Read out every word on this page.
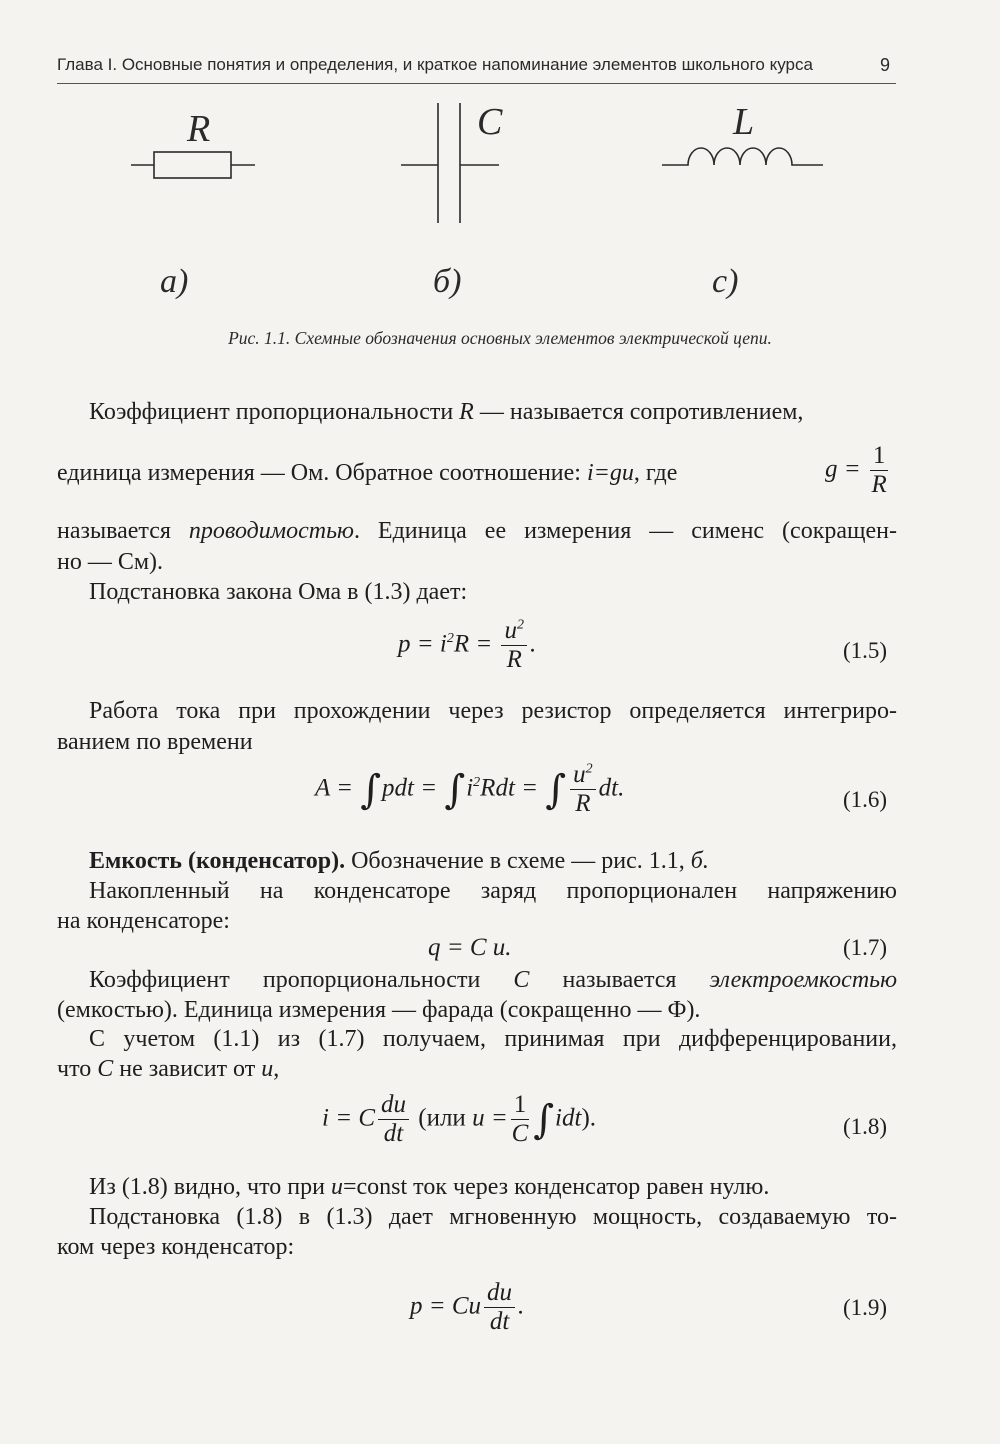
Глава I. Основные понятия и определения, и краткое напоминание элементов школьного курса	9
R	C	L
a)	б)	c)
Рис. 1.1. Схемные обозначения основных элементов электрической цепи.
Коэффициент пропорциональности R — называется сопротивлением,
единица измерения — Ом. Обратное соотношение: i=gu, где	$g = \frac{1}{R}$
называется проводимостью. Единица ее измерения — сименс (сокращен-
но — См).
Подстановка закона Ома в (1.3) дает:
$p = i^2R = \frac{u^2}{R}$ .	(1.5)
Работа тока при прохождении через резистор определяется интегриро-
ванием по времени
$A = \int pdt = \int i^2Rdt$ = ∫ $\frac{u^2}{R}$ dt.	(1.6)
Емкость (конденсатор). Обозначение в схеме — рис. 1.1, б.
Накопленный на конденсаторе заряд пропорционален напряжению
на конденсаторе:
q = C u.	(1.7)
Коэффициент пропорциональности C называется электроемкостью
(емкостью). Единица измерения — фарада (сокращенно — Ф).
С учетом (1.1) из (1.7) получаем, принимая при дифференцировании,
что C не зависит от u,
i = C $\frac{du}{dt} (или$ $u = \frac{1}{C} \int idt$).	(1.8)
Из (1.8) видно, что при u=const ток через конденсатор равен нулю.
Подстановка (1.8) в (1.3) дает мгновенную мощность, создаваемую то-
ком через конденсатор:
p = Cu $\frac{du}{dt}$ .	(1.9)
